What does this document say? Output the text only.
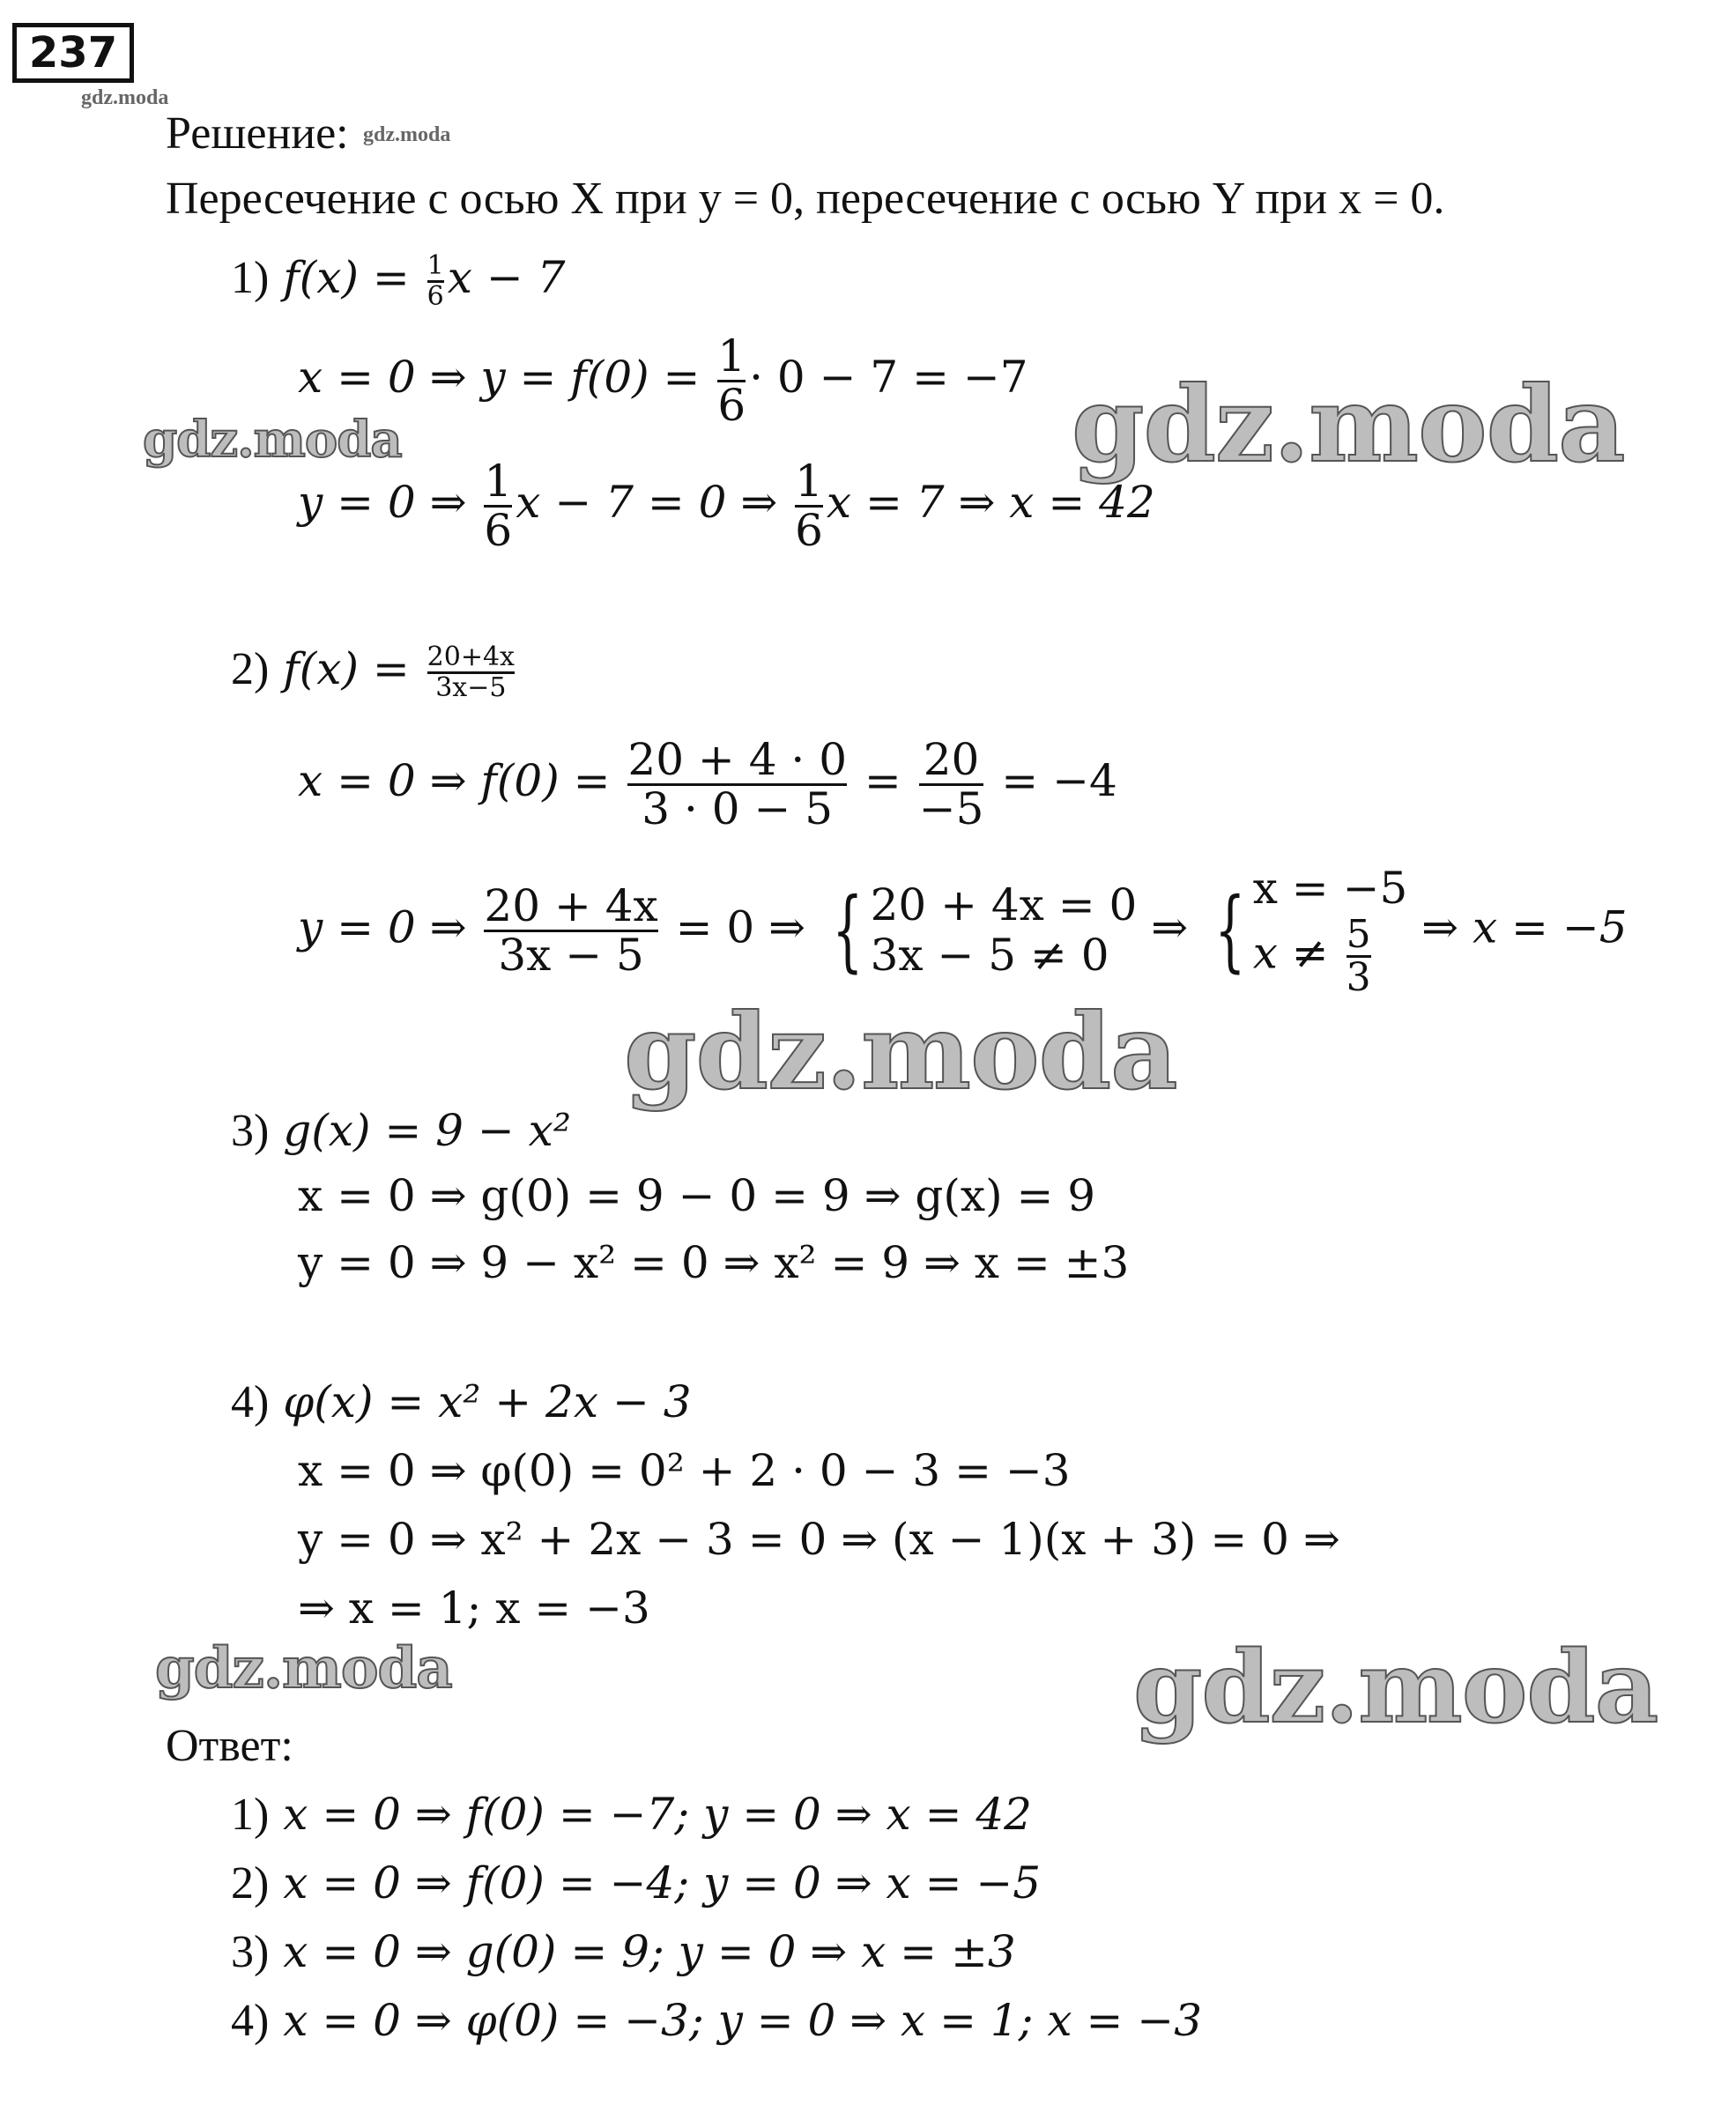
237
gdz.moda
gdz.moda
Решение:
Пересечение с осью X при y = 0, пересечение с осью Y при x = 0.
1) $f(x) = \frac{1}{6}$ x − 7
x = 0 ⇒ $y = f(0) = \frac{1}{6} \cdot 0 - 7 = -7$
y = 0 ⇒ $\frac{1}{6}$ x − 7 = 0 ⇒ $\frac{1}{6}$ x = 7 ⇒ x = 42
gdz.moda
gdz.moda
2) $f(x) = \frac{20+4x}{3x-5}$
x = 0 ⇒ $f(0) = \frac{20 + 4 \cdot 0}{3 \cdot 0 - 5} = \frac{20}{-5} = -4$
y = 0 ⇒ $\frac{20 + 4x}{3x - 5} = 0$ ⇒ { 20 + 4x = 0
3x − 5 ≠ 0
⇒ { x = −5
$x \ne \frac{5}{3}$ ⇒ x = −5
gdz.moda
3) g(x) = 9 − x²
x = 0 ⇒ g(0) = 9 − 0 = 9 ⇒ g(x) = 9
y = 0 ⇒ 9 − x² = 0 ⇒ x² = 9 ⇒ x = ±3
4) φ(x) = x² + 2x − 3
x = 0 ⇒ φ(0) = 0² + 2 · 0 − 3 = −3
y = 0 ⇒ x² + 2x − 3 = 0 ⇒ (x − 1)(x + 3) = 0 ⇒
⇒ x = 1; x = −3
gdz.moda	gdz.moda
Ответ:
1) x = 0 ⇒ f(0) = −7; y = 0 ⇒ x = 42
2) x = 0 ⇒ f(0) = −4; y = 0 ⇒ x = −5
3) x = 0 ⇒ g(0) = 9; y = 0 ⇒ x = ±3
4) x = 0 ⇒ φ(0) = −3; y = 0 ⇒ x = 1; x = −3
